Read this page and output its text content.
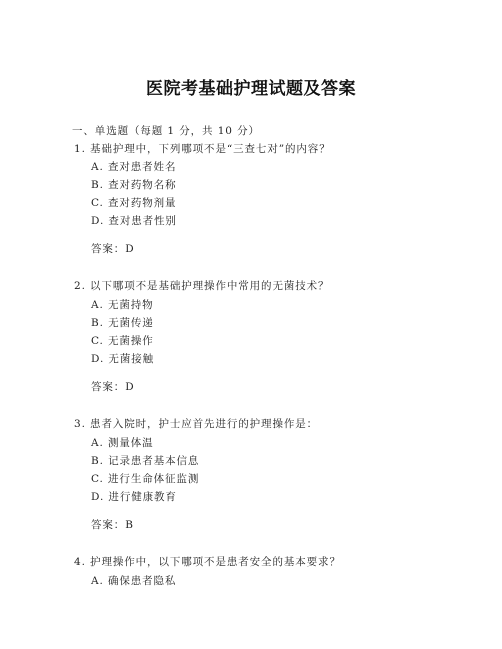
医院考基础护理试题及答案
一、单选题（每题 1 分，共 10 分）
1. 基础护理中，下列哪项不是“三查七对”的内容？
A. 查对患者姓名
B. 查对药物名称
C. 查对药物剂量
D. 查对患者性别
答案：D
2. 以下哪项不是基础护理操作中常用的无菌技术？
A. 无菌持物
B. 无菌传递
C. 无菌操作
D. 无菌接触
答案：D
3. 患者入院时，护士应首先进行的护理操作是：
A. 测量体温
B. 记录患者基本信息
C. 进行生命体征监测
D. 进行健康教育
答案：B
4. 护理操作中，以下哪项不是患者安全的基本要求？
A. 确保患者隐私
